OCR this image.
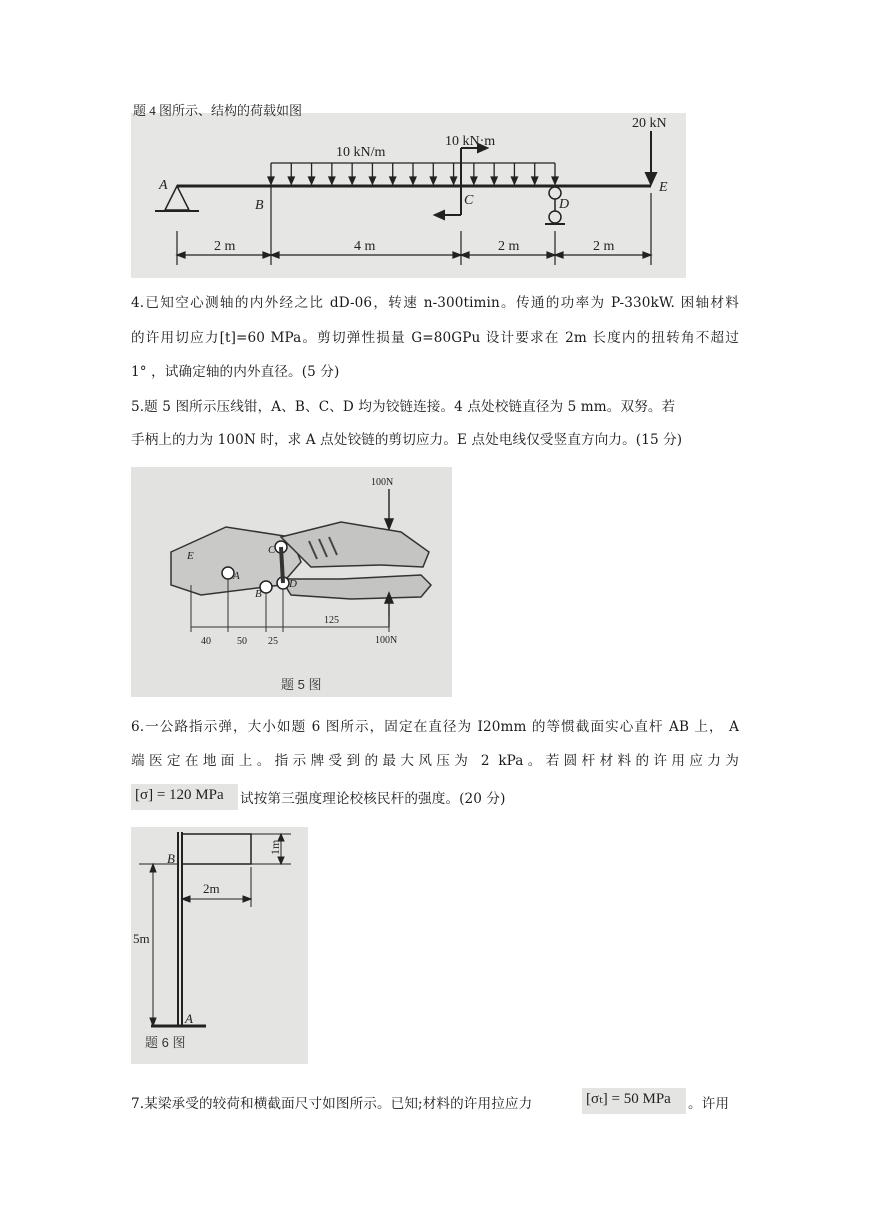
题 4 图所示、结构的荷载如图
20 kN
10 kN/m
10 kN·m
A
B	C	D
E
2 m	4 m	2 m	2 m
4.已知空心测轴的内外经之比 dD-06，转速 n-300timin。传通的功率为 P-330kW. 困轴材料
的许用切应力[t]=60 MPa。剪切弹性损量 G=80GPu 设计要求在 2m 长度内的扭转角不超过
1° ，试确定轴的内外直径。(5 分)
5.题 5 图所示压线钳，A、B、C、D 均为铰链连接。4 点处校链直径为 5 mm。双努。若
手柄上的力为 100N 时，求 A 点处铰链的剪切应力。E 点处电线仅受竖直方向力。(15 分)
100N
100N
E
A
B
C
D
40	50 25
125
题 5 图
6.一公路指示弹，大小如题 6 图所示，固定在直径为 I20mm 的等惯截面实心直杆 AB 上， A
端医定在地面上。指示牌受到的最大风压为 2 kPa。若圆杆材料的许用应力为
[σ] = 120 MPa	试按第三强度理论校核民杆的强度。(20 分)
B
A
1m
2m
5m
题 6 图
7.某梁承受的较荷和横截面尺寸如图所示。已知;材料的许用拉应力	[σₜ] = 50 MPa	。许用
